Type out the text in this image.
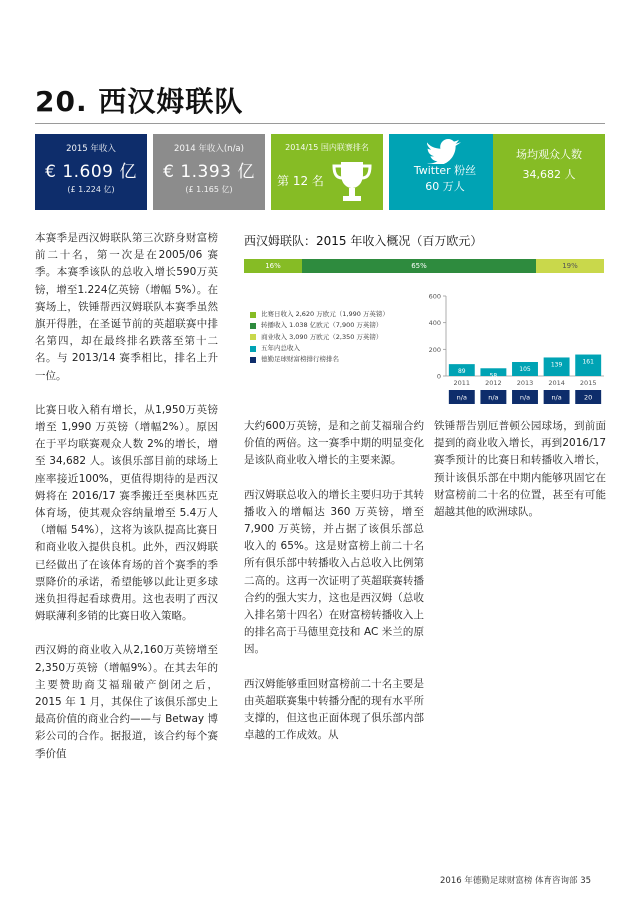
20. 西汉姆联队
2015 年收入
€ 1.609 亿
(£ 1.224 亿)
2014 年收入(n/a)
€ 1.393 亿
(£ 1.165 亿)
2014/15 国内联赛排名
第 12 名
Twitter 粉丝
60 万人
场均观众人数
34,682 人

本赛季是西汉姆联队第三次跻身财富榜前二十名，第一次是在2005/06 赛季。本赛季该队的总收入增长590万英镑，增至1.224亿英镑（增幅 5%）。在赛场上，铁锤帮西汉姆联队本赛季虽然旗开得胜，在圣诞节前的英超联赛中排名第四，却在最终排名跌落至第十二名。与 2013/14 赛季相比，排名上升一位。

比赛日收入稍有增长，从1,950万英镑增至 1,990 万英镑（增幅2%）。原因在于平均联赛观众人数 2%的增长，增至 34,682 人。该俱乐部目前的球场上座率接近100%，更值得期待的是西汉姆将在 2016/17 赛季搬迁至奥林匹克体育场，使其观众容纳量增至 5.4万人（增幅 54%），这将为该队提高比赛日和商业收入提供良机。此外，西汉姆联已经做出了在该体育场的首个赛季的季票降价的承诺，希望能够以此让更多球迷负担得起看球费用。这也表明了西汉姆联薄利多销的比赛日收入策略。

西汉姆的商业收入从2,160万英镑增至2,350万英镑（增幅9%）。在其去年的主要赞助商艾福瑞破产倒闭之后，2015 年 1 月，其保住了该俱乐部史上最高价值的商业合约——与 Betway 博彩公司的合作。据报道，该合约每个赛季价值

西汉姆联队：2015 年收入概况（百万欧元）
16%	65%	19%
比赛日收入 2,620 万欧元（1,990 万英镑）
转播收入 1.038 亿欧元（7,900 万英镑）
商业收入 3,090 万欧元（2,350 万英镑）
五年内总收入
德勤足球财富榜排行榜排名
0
200
400
600
89
2011
n/a
58
2012
n/a
105
2013
n/a
139
2014
n/a
161
2015
20

大约600万英镑，是和之前艾福瑞合约价值的两倍。这一赛季中期的明显变化是该队商业收入增长的主要来源。

西汉姆联总收入的增长主要归功于其转播收入的增幅达 360 万英镑，增至 7,900 万英镑，并占据了该俱乐部总收入的 65%。这是财富榜上前二十名所有俱乐部中转播收入占总收入比例第二高的。这再一次证明了英超联赛转播合约的强大实力，这也是西汉姆（总收入排名第十四名）在财富榜转播收入上的排名高于马德里竞技和 AC 米兰的原因。

西汉姆能够重回财富榜前二十名主要是由英超联赛集中转播分配的现有水平所支撑的，但这也正面体现了俱乐部内部卓越的工作成效。从

铁锤帮告别厄普顿公园球场，到前面提到的商业收入增长，再到2016/17 赛季预计的比赛日和转播收入增长，预计该俱乐部在中期内能够巩固它在财富榜前二十名的位置，甚至有可能超越其他的欧洲球队。

2016 年德勤足球财富榜 体育咨询部 35
